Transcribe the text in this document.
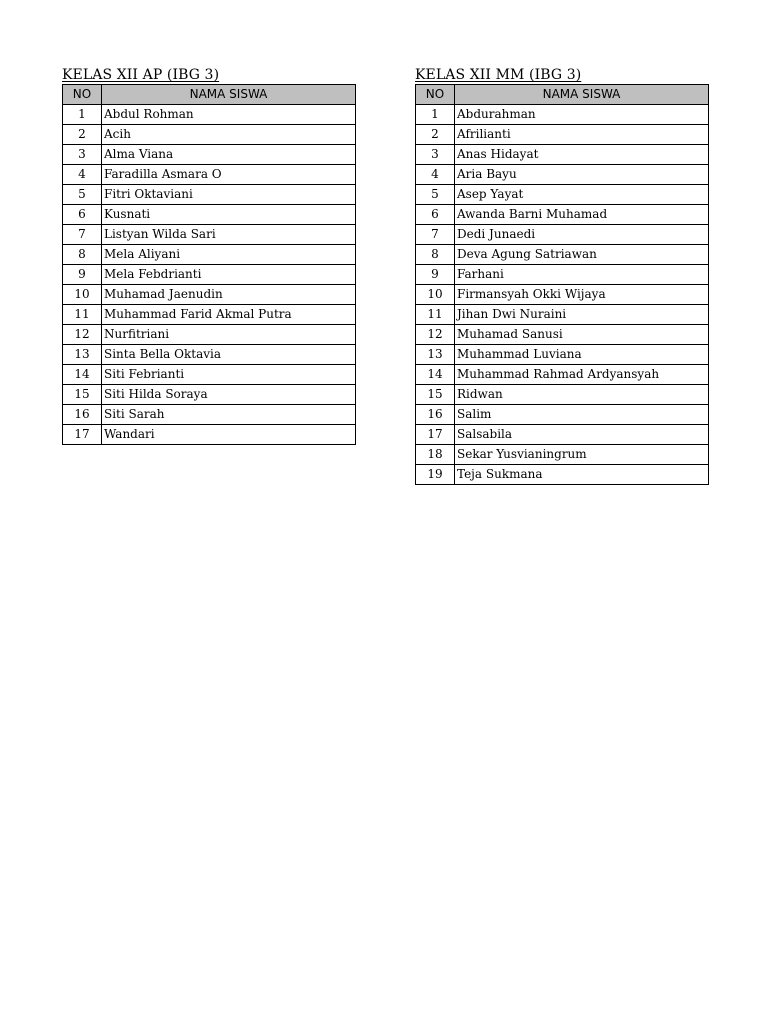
KELAS XII AP (IBG 3)
NO	NAMA SISWA
1	Abdul Rohman
2	Acih
3	Alma Viana
4	Faradilla Asmara O
5	Fitri Oktaviani
6	Kusnati
7	Listyan Wilda Sari
8	Mela Aliyani
9	Mela Febdrianti
10	Muhamad Jaenudin
11	Muhammad Farid Akmal Putra
12	Nurfitriani
13	Sinta Bella Oktavia
14	Siti Febrianti
15	Siti Hilda Soraya
16	Siti Sarah
17	Wandari
KELAS XII MM (IBG 3)
NO	NAMA SISWA
1	Abdurahman
2	Afrilianti
3	Anas Hidayat
4	Aria Bayu
5	Asep Yayat
6	Awanda Barni Muhamad
7	Dedi Junaedi
8	Deva Agung Satriawan
9	Farhani
10	Firmansyah Okki Wijaya
11	Jihan Dwi Nuraini
12	Muhamad Sanusi
13	Muhammad Luviana
14	Muhammad Rahmad Ardyansyah
15	Ridwan
16	Salim
17	Salsabila
18	Sekar Yusvianingrum
19	Teja Sukmana
